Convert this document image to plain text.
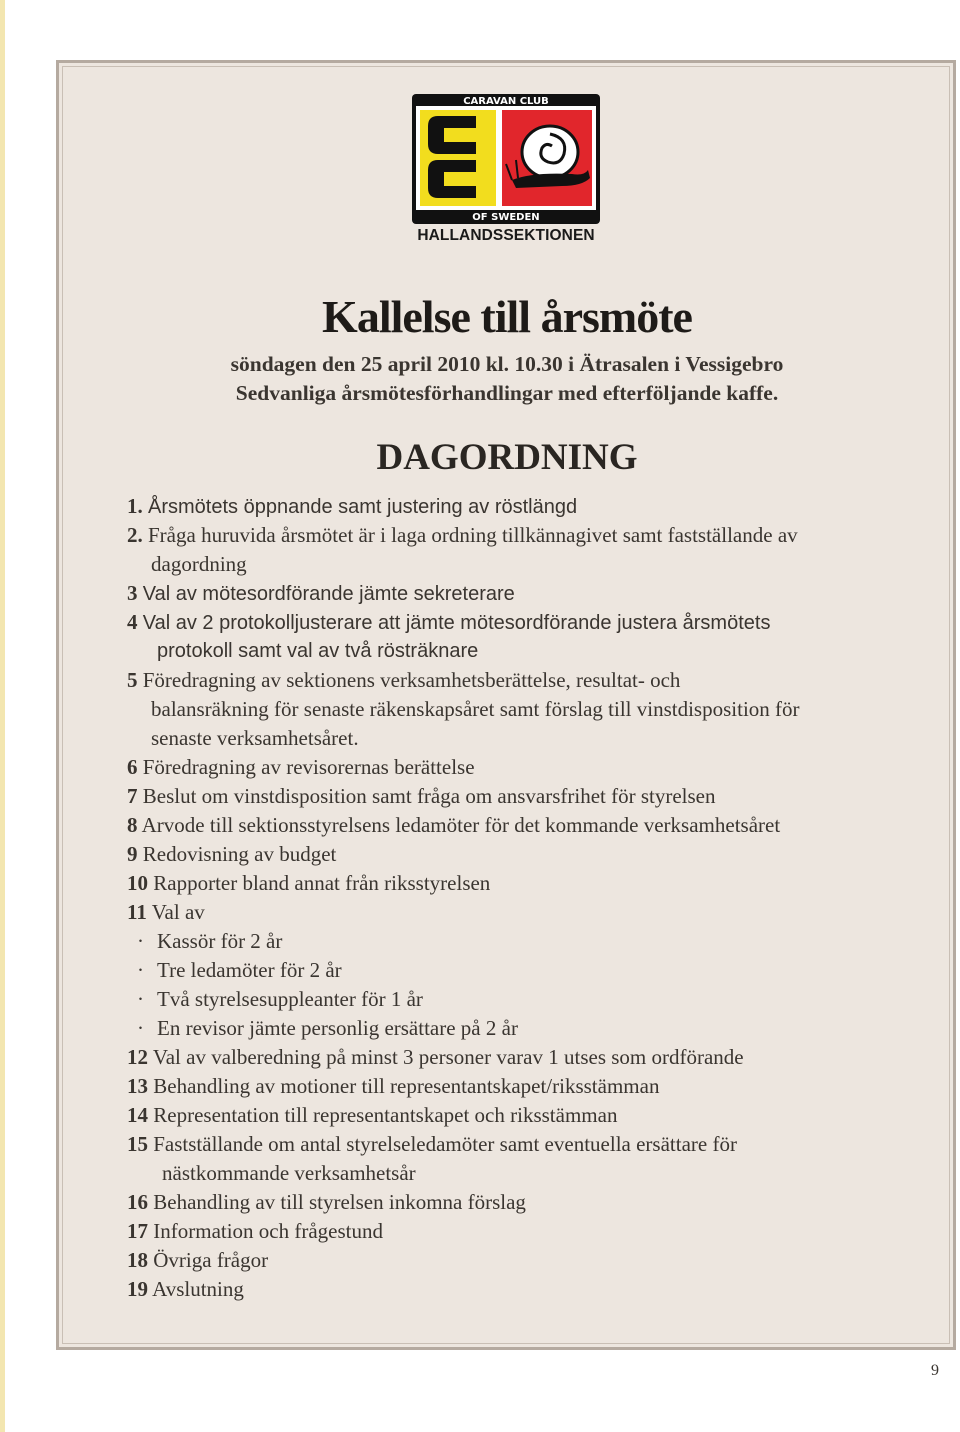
CARAVAN CLUB
OF SWEDEN
HALLANDSSEKTIONEN
Kallelse till årsmöte
söndagen den 25 april 2010 kl. 10.30 i Ätrasalen i Vessigebro
Sedvanliga årsmötesförhandlingar med efterföljande kaffe.
DAGORDNING
1. Årsmötets öppnande samt justering av röstlängd
2. Fråga huruvida årsmötet är i laga ordning tillkännagivet samt fastställande av
dagordning
3 Val av mötesordförande jämte sekreterare
4 Val av 2 protokolljusterare att jämte mötesordförande justera årsmötets
protokoll samt val av två rösträknare
5 Föredragning av sektionens verksamhetsberättelse, resultat- och
balansräkning för senaste räkenskapsåret samt förslag till vinstdisposition för
senaste verksamhetsåret.
6 Föredragning av revisorernas berättelse
7 Beslut om vinstdisposition samt fråga om ansvarsfrihet för styrelsen
8 Arvode till sektionsstyrelsens ledamöter för det kommande verksamhetsåret
9 Redovisning av budget
10 Rapporter bland annat från riksstyrelsen
11 Val av
· Kassör för 2 år
· Tre ledamöter för 2 år
· Två styrelsesuppleanter för 1 år
· En revisor jämte personlig ersättare på 2 år
12 Val av valberedning på minst 3 personer varav 1 utses som ordförande
13 Behandling av motioner till representantskapet/riksstämman
14 Representation till representantskapet och riksstämman
15 Fastställande om antal styrelseledamöter samt eventuella ersättare för
nästkommande verksamhetsår
16 Behandling av till styrelsen inkomna förslag
17 Information och frågestund
18 Övriga frågor
19 Avslutning
9
